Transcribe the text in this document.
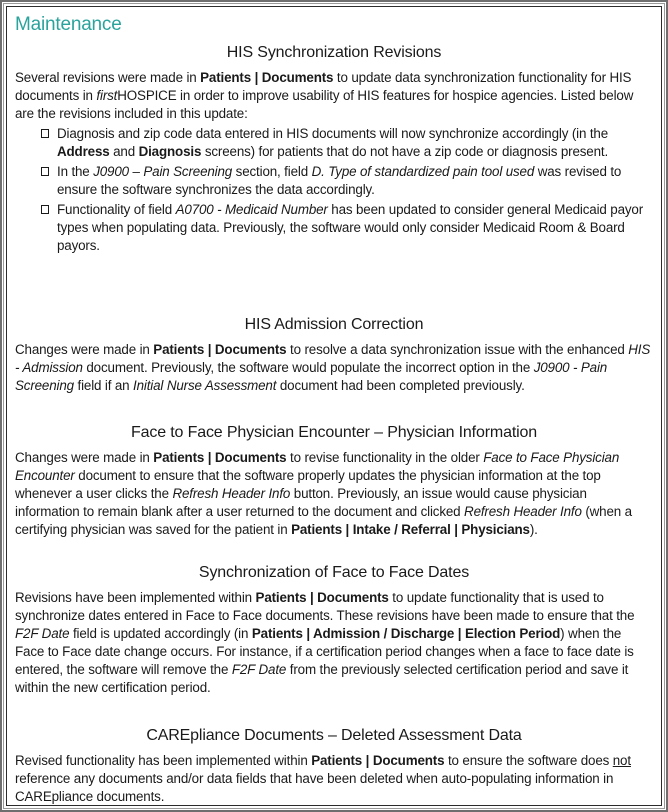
Maintenance
HIS Synchronization Revisions

Several revisions were made in Patients | Documents to update data synchronization functionality for HIS documents in firstHOSPICE in order to improve usability of HIS features for hospice agencies. Listed below are the revisions included in this update:

Diagnosis and zip code data entered in HIS documents will now synchronize accordingly (in the Address and Diagnosis screens) for patients that do not have a zip code or diagnosis present.
In the J0900 – Pain Screening section, field D. Type of standardized pain tool used was revised to ensure the software synchronizes the data accordingly.
Functionality of field A0700 - Medicaid Number has been updated to consider general Medicaid payor types when populating data. Previously, the software would only consider Medicaid Room & Board payors.
HIS Admission Correction

Changes were made in Patients | Documents to resolve a data synchronization issue with the enhanced HIS - Admission document. Previously, the software would populate the incorrect option in the J0900 - Pain Screening field if an Initial Nurse Assessment document had been completed previously.

Face to Face Physician Encounter – Physician Information

Changes were made in Patients | Documents to revise functionality in the older Face to Face Physician Encounter document to ensure that the software properly updates the physician information at the top whenever a user clicks the Refresh Header Info button. Previously, an issue would cause physician information to remain blank after a user returned to the document and clicked Refresh Header Info (when a certifying physician was saved for the patient in Patients | Intake / Referral | Physicians).

Synchronization of Face to Face Dates

Revisions have been implemented within Patients | Documents to update functionality that is used to synchronize dates entered in Face to Face documents. These revisions have been made to ensure that the F2F Date field is updated accordingly (in Patients | Admission / Discharge | Election Period) when the Face to Face date change occurs. For instance, if a certification period changes when a face to face date is entered, the software will remove the F2F Date from the previously selected certification period and save it within the new certification period.

CAREpliance Documents – Deleted Assessment Data

Revised functionality has been implemented within Patients | Documents to ensure the software does not reference any documents and/or data fields that have been deleted when auto-populating information in CAREpliance documents.
